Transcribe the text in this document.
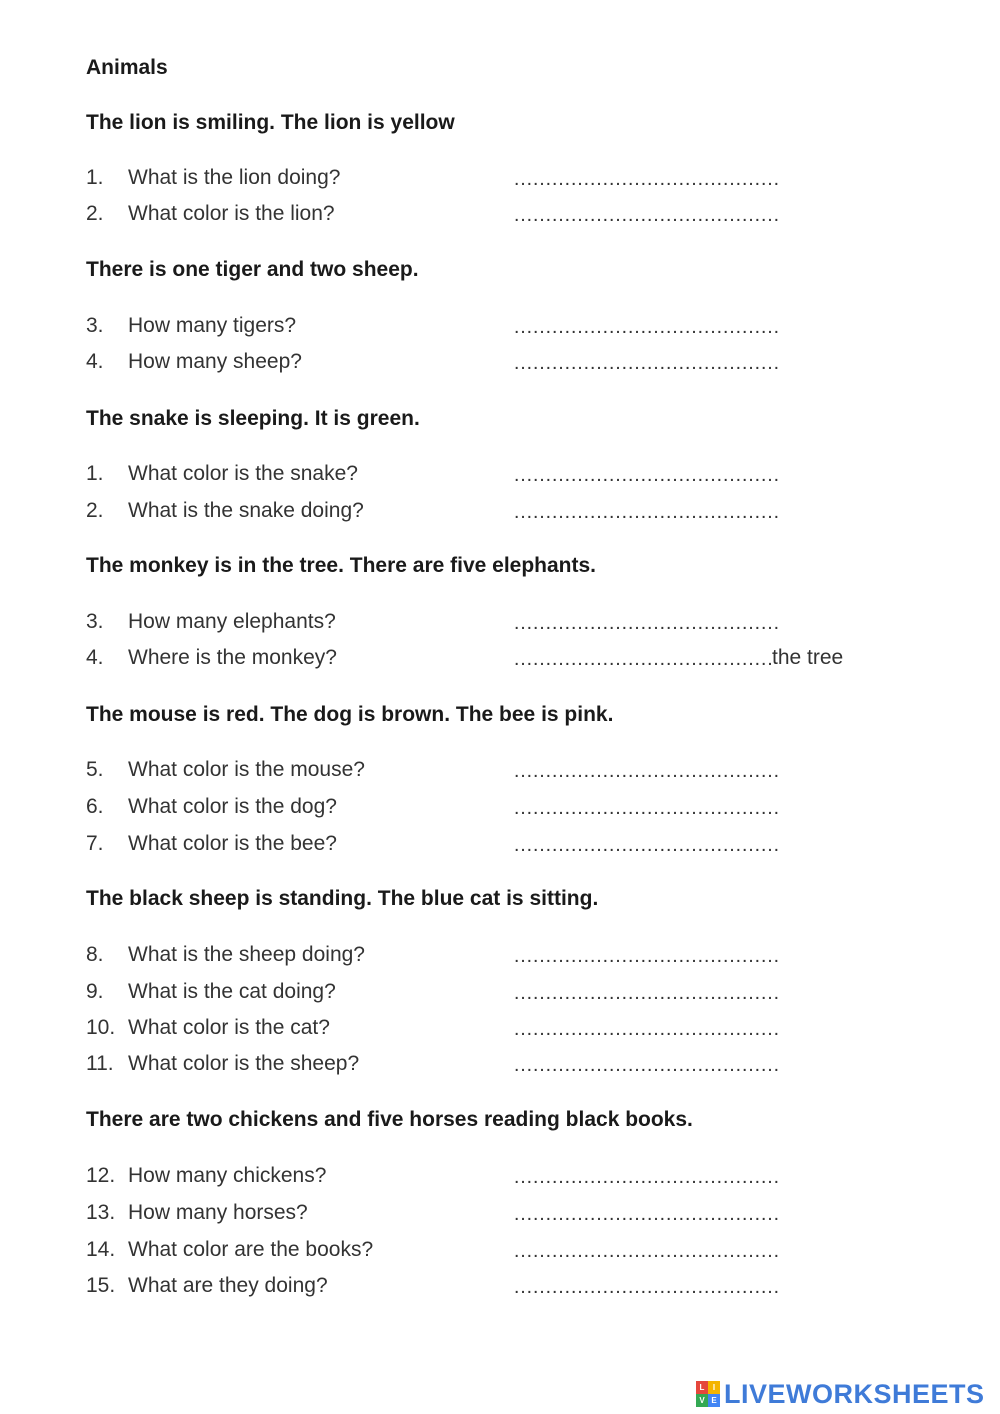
Animals
The lion is smiling. The lion is yellow
1. What is the lion doing?
……………………………………
2. What color is the lion?
……………………………………
There is one tiger and two sheep.
3. How many tigers?
……………………………………
4. How many sheep?
……………………………………
The snake is sleeping. It is green.
1. What color is the snake?
……………………………………
2. What is the snake doing?
……………………………………
The monkey is in the tree. There are five elephants.
3. How many elephants?
……………………………………
4. Where is the monkey?
……………………………………	the tree
The mouse is red. The dog is brown. The bee is pink.
5. What color is the mouse?
……………………………………
6. What color is the dog?
……………………………………
7. What color is the bee?
……………………………………
The black sheep is standing. The blue cat is sitting.
8. What is the sheep doing?
……………………………………
9. What is the cat doing?
……………………………………
10. What color is the cat?
……………………………………
11. What color is the sheep?
……………………………………
There are two chickens and five horses reading black books.
12. How many chickens?
……………………………………
13. How many horses?
……………………………………
14. What color are the books?
……………………………………
15. What are they doing?
……………………………………
L	I
V E LIVEWORKSHEETS
